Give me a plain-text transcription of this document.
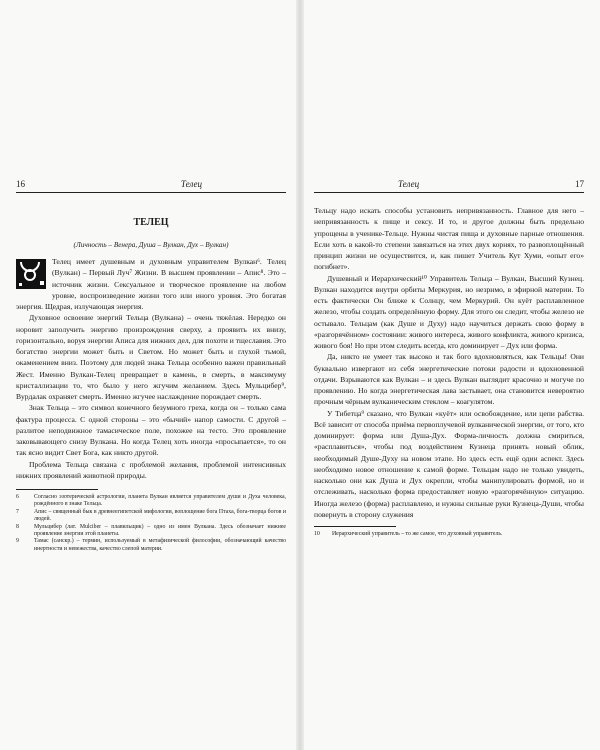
16	Телец
ТЕЛЕЦ
(Личность – Венера, Душа – Вулкан, Дух – Вулкан)

Телец имеет душевным и духовным управителем Вулкан⁶. Телец (Вулкан) – Первый Луч⁷ Жизни. В высшем проявлении – Апис⁸. Это – источник жизни. Сексуальное и творческое проявление на любом уровне, воспроизведение жизни того или иного уровня. Это богатая энергия. Щедрая, излучающая энергия.

Духовное освоение энергий Тельца (Вулкана) – очень тяжёлая. Нередко он норовит заполучить энергию произрождения сверху, а проявить их внизу, горизонтально, воруя энергии Аписа для нижних дел, для похоти и тщеславия. Это богатство энергии может быть и Светом. Но может быть и глухой тьмой, окаменением вниз. Поэтому для людей знака Тельца особенно важен правильный Жест. Именно Вулкан-Телец превращает в камень, в смерть, в максимуму кристаллизации то, что было у него жгучим желанием. Здесь Мульцибер⁹, Вурдалак охраняет смерть. Именно жгучее наслаждение порождает смерть.

Знак Тельца – это символ конечного безумного греха, когда он – только сама фактура процесса. С одной стороны – это «бычий» напор самости. С другой – разлитое неподвижное тамасическое поле, похожее на тесто. Это проявление заковывающего снизу Вулкана. Но когда Телец хоть иногда «просыпается», то он так ясно видит Свет Бога, как никто другой.

Проблема Тельца связана с проблемой желания, проблемой интенсивных нижних проявлений животной природы.

6	Согласно эзотерической астрологии, планета Вулкан является управителем души и Духа человека, рождённого в знаке Тельца.
7	Апис – священный бык в древнеегипетской мифологии, воплощение бога Птаха, бога-творца богов и людей.
8	Мульцибер (лат. Mulciber – плавильщик) – одно из имен Вулкана. Здесь обозначает нижнее проявление энергии этой планеты.
9	Тамас (санскр.) – термин, используемый в метафизической философии, обозначающий качество инертности и невежества, качество слепой материи.
Телец	17

Тельцу надо искать способы установить непривязанность. Главное для него – непривязанность к пище и сексу. И то, и другое должны быть предельно упрощены в ученике-Тельце. Нужны чистая пища и духовные парные отношения. Если хоть в какой-то степени завязаться на этих двух корнях, то развоплощённый принцип жизни не осуществится, и, как пишет Учитель Кут Хуми, «опыт его» погибнет».

Душевный и Иерархический¹⁰ Управитель Тельца – Вулкан, Высший Кузнец. Вулкан находится внутри орбиты Меркурия, но незримо, в эфирной материи. То есть фактически Он ближе к Солнцу, чем Меркурий. Он куёт расплавленное железо, чтобы создать определённую форму. Для этого он следит, чтобы железо не остывало. Тельцам (как Душе и Духу) надо научиться держать свою форму в «разгорячённом» состоянии: живого интереса, живого конфликта, живого кризиса, живого боя! Но при этом следить всегда, кто доминирует – Дух или форма.

Да, никто не умеет так высоко и так бого вдохновляться, как Тельцы! Они буквально извергают из себя энергетические потоки радости и вдохновенной отдачи. Взрываются как Вулкан – и здесь Вулкан выглядит красочно и могуче по проявлению. Но когда энергетическая лава застывает, она становится невероятно прочным чёрным вулканическим стеклом – коагулятом.

У Тибетца⁹ сказано, что Вулкан «куёт» или освобождение, или цепи рабства. Всё зависит от способа приёма первоплучевой вулканической энергии, от того, кто доминирует: форма или Душа-Дух. Форма-личность должна смириться, «расплавиться», чтобы под воздействием Кузнеца принять новый облик, необходимый Душе-Духу на новом этапе. Но здесь есть ещё один аспект. Здесь необходимо новое отношение к самой форме. Тельцам надо не только увидеть, насколько они как Душа и Дух окрепли, чтобы манипулировать формой, но и отслеживать, насколько форма предоставляет новую «разгорячённую» ситуацию. Иногда железо (форма) расплавлено, и нужны сильные руки Кузнеца-Души, чтобы повернуть в сторону служения

10	Иерархический управитель – то же самое, что духовный управитель.
